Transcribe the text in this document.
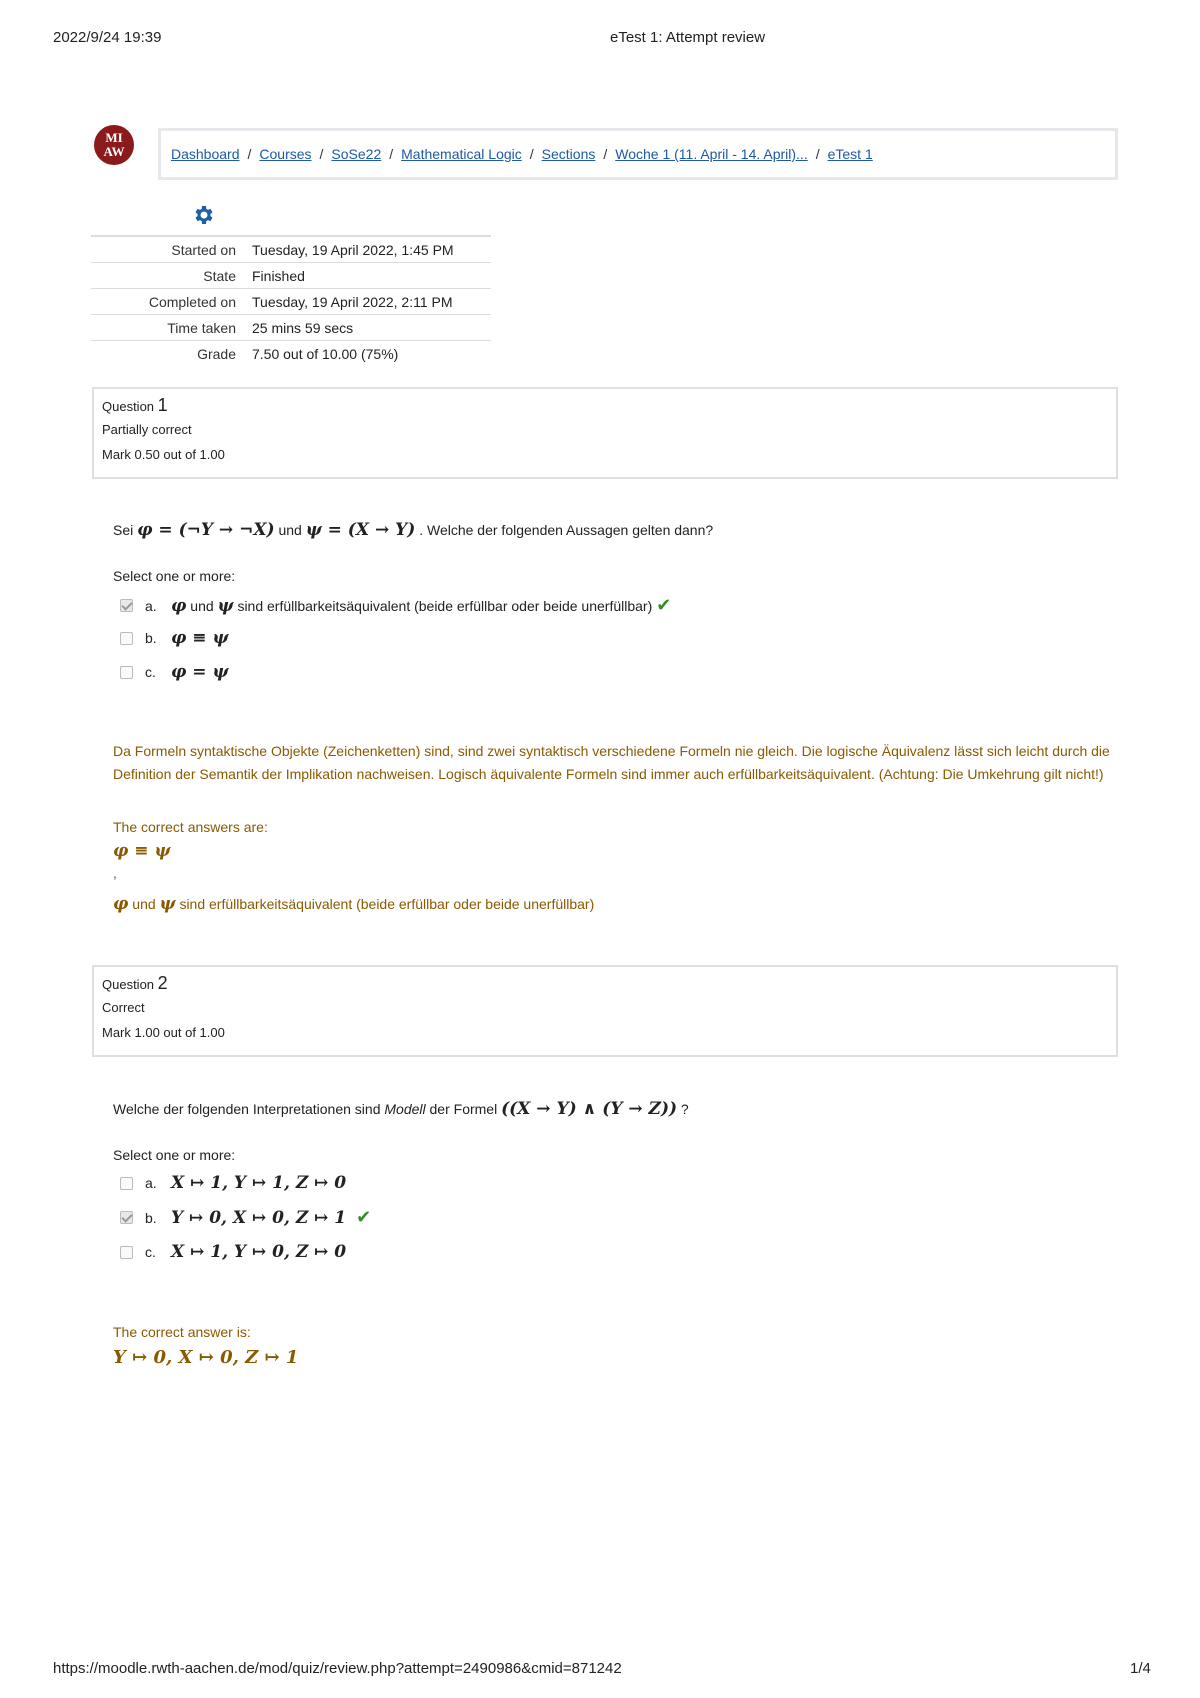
2022/9/24 19:39	eTest 1: Attempt review
MI
AW	Dashboard / Courses / SoSe22 / Mathematical Logic / Sections / Woche 1 (11. April - 14. April)... / eTest 1
Started on	Tuesday, 19 April 2022, 1:45 PM
State	Finished
Completed on	Tuesday, 19 April 2022, 2:11 PM
Time taken	25 mins 59 secs
Grade	7.50 out of 10.00 (75%)
Question 1
Partially correct
Mark 0.50 out of 1.00
Sei φ = (¬Y → ¬X) und ψ = (X → Y) . Welche der folgenden Aussagen gelten dann?
Select one or more:
a. φ
und
ψ
sind erfüllbarkeitsäquivalent (beide erfüllbar oder beide unerfüllbar) ✔
b. φ ≡ ψ
c. φ = ψ
Da Formeln syntaktische Objekte (Zeichenketten) sind, sind zwei syntaktisch verschiedene Formeln nie gleich. Die logische Äquivalenz lässt sich leicht durch die Definition der Semantik der Implikation nachweisen. Logisch äquivalente Formeln sind immer auch erfüllbarkeitsäquivalent. (Achtung: Die Umkehrung gilt nicht!)
The correct answers are:
φ ≡ ψ
,
φ und ψ sind erfüllbarkeitsäquivalent (beide erfüllbar oder beide unerfüllbar)
Question 2
Correct
Mark 1.00 out of 1.00
Welche der folgenden Interpretationen sind Modell der Formel ((X → Y) ∧ (Y → Z)) ?
Select one or more:
a. X ↦ 1, Y ↦ 1, Z ↦ 0
b. Y ↦ 0, X ↦ 0, Z ↦ 1 ✔
c. X ↦ 1, Y ↦ 0, Z ↦ 0
The correct answer is:
Y ↦ 0, X ↦ 0, Z ↦ 1
https://moodle.rwth-aachen.de/mod/quiz/review.php?attempt=2490986&cmid=871242	1/4
